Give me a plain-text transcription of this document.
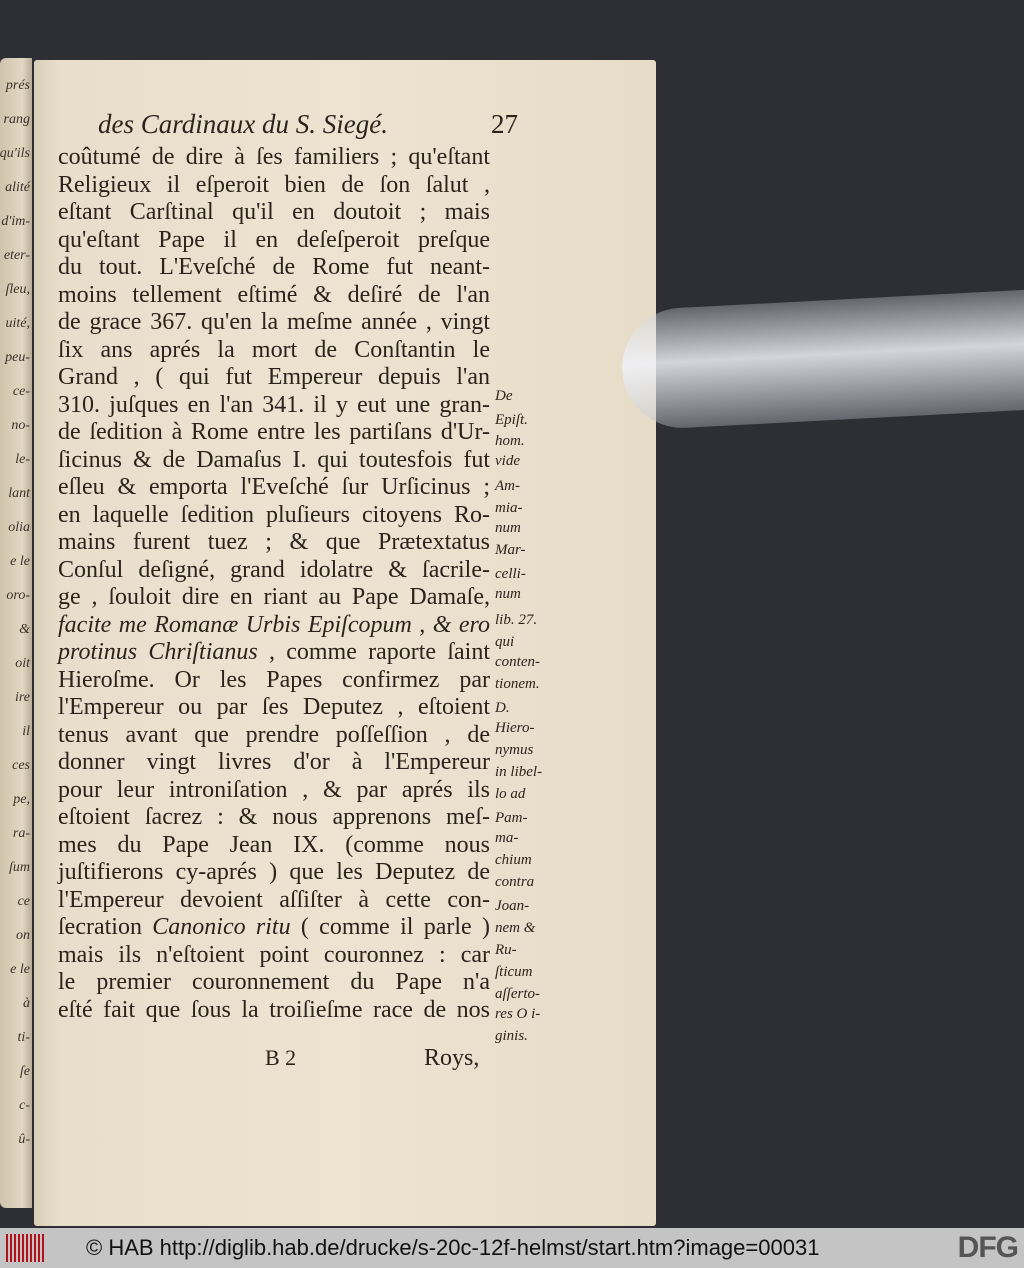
prés
rang
qu'ils
alité
d'im-
eter-
ſleu,
uité,
peu-
ce-
no-
le-
lant
olia
e le
oro-
&
oit
ire
il
ces
pe,
ra-
ſum
ce
on
e le
à
ti-
ſe
c-
û-
des Cardinaux du S. Siegé.	27
coûtumé de dire à ſes familiers ; qu'eſtant
Religieux il eſperoit bien de ſon ſalut ,
eſtant Carſtinal qu'il en doutoit ; mais
qu'eſtant Pape il en deſeſperoit preſque
du tout. L'Eveſché de Rome fut neant-
moins tellement eſtimé & deſiré de l'an
de grace 367. qu'en la meſme année , vingt
ſix ans aprés la mort de Conſtantin le
Grand , ( qui fut Empereur depuis l'an
310. juſques en l'an 341. il y eut une gran-
de ſedition à Rome entre les partiſans d'Ur-
ſicinus & de Damaſus I. qui toutesfois fut
eſleu & emporta l'Eveſché ſur Urſicinus ;
en laquelle ſedition pluſieurs citoyens Ro-
mains furent tuez ; & que Prætextatus
Conſul deſigné, grand idolatre & ſacrile-
ge , ſouloit dire en riant au Pape Damaſe,
facite me Romanæ Urbis Epiſcopum , & ero
protinus Chriſtianus , comme raporte ſaint
Hieroſme. Or les Papes confirmez par
l'Empereur ou par ſes Deputez , eſtoient
tenus avant que prendre poſſeſſion , de
donner vingt livres d'or à l'Empereur
pour leur introniſation , & par aprés ils
eſtoient ſacrez : & nous apprenons meſ-
mes du Pape Jean IX. (comme nous
juſtifierons cy-aprés ) que les Deputez de
l'Empereur devoient aſſiſter à cette con-
ſecration Canonico ritu ( comme il parle )
mais ils n'eſtoient point couronnez : car
le premier couronnement du Pape n'a
eſté fait que ſous la troiſieſme race de nos
De
Epiſt.
hom.
vide
Am-
mia-
num
Mar-
celli-
num
lib. 27.
qui
conten-
tionem.
D.
Hiero-
nymus
in libel-
lo ad
Pam-
ma-
chium
contra
Joan-
nem &
Ru-
ſticum
aſſerto-
res O i-
ginis.
B 2	Roys,
© HAB http://diglib.hab.de/drucke/s-20c-12f-helmst/start.htm?image=00031	DFG
